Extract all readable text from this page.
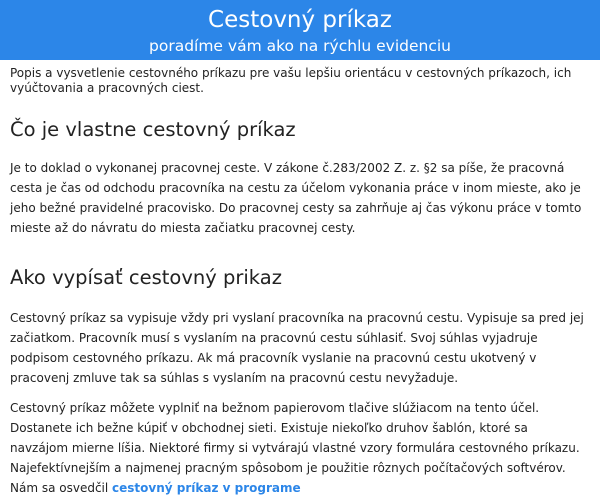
Cestovný príkaz

poradíme vám ako na rýchlu evidenciu

Popis a vysvetlenie cestovného príkazu pre vašu lepšiu orientácu v cestovných príkazoch, ich vyúčtovania a pracovných ciest.

Čo je vlastne cestovný príkaz

Je to doklad o vykonanej pracovnej ceste. V zákone č.283/2002 Z. z. §2 sa píše, že pracovná cesta je čas od odchodu pracovníka na cestu za účelom vykonania práce v inom mieste, ako je jeho bežné pravidelné pracovisko. Do pracovnej cesty sa zahrňuje aj čas výkonu práce v tomto mieste až do návratu do miesta začiatku pracovnej cesty.

Ako vypísať cestovný prikaz

Cestovný príkaz sa vypisuje vždy pri vyslaní pracovníka na pracovnú cestu. Vypisuje sa pred jej začiatkom. Pracovník musí s vyslaním na pracovnú cestu súhlasiť. Svoj súhlas vyjadruje podpisom cestovného príkazu. Ak má pracovník vyslanie na pracovnú cestu ukotvený v pracovenj zmluve tak sa súhlas s vyslaním na pracovnú cestu nevyžaduje.

Cestovný príkaz môžete vyplniť na bežnom papierovom tlačive slúžiacom na tento účel. Dostanete ich bežne kúpiť v obchodnej sieti. Existuje niekoľko druhov šablón, ktoré sa navzájom mierne líšia. Niektoré firmy si vytvárajú vlastné vzory formulára cestovného príkazu. Najefektívnejším a najmenej pracným spôsobom je použitie rôznych počítačových softvérov. Nám sa osvedčil cestovný príkaz v programe
